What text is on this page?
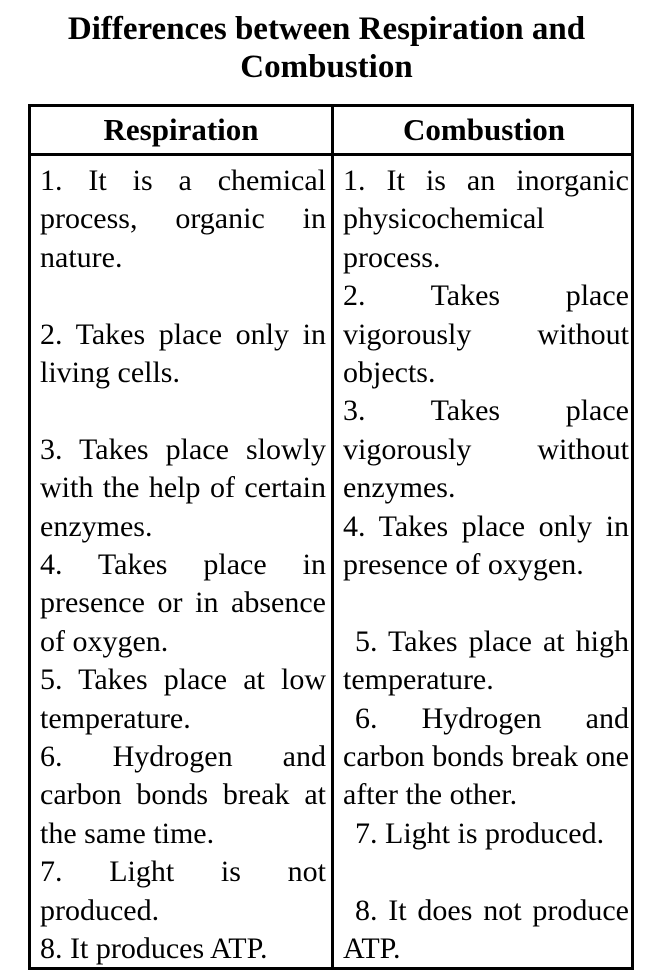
Differences between Respiration and
Combustion
Respiration	Combustion
1. It is a chemical process, organic in nature.
2. Takes place only in living cells.
3. Takes place slowly with the help of certain enzymes.
4. Takes place in presence or in absence of oxygen.
5. Takes place at low temperature.
6. Hydrogen and carbon bonds break at the same time.
7. Light is not produced.
8. It produces ATP.
1. It is an inorganic physicochemical process.
2. Takes place vigorously without objects.
3. Takes place vigorously without enzymes.
4. Takes place only in presence of oxygen.
5. Takes place at high temperature.
6. Hydrogen and carbon bonds break one after the other.
7. Light is produced.
8. It does not produce ATP.
